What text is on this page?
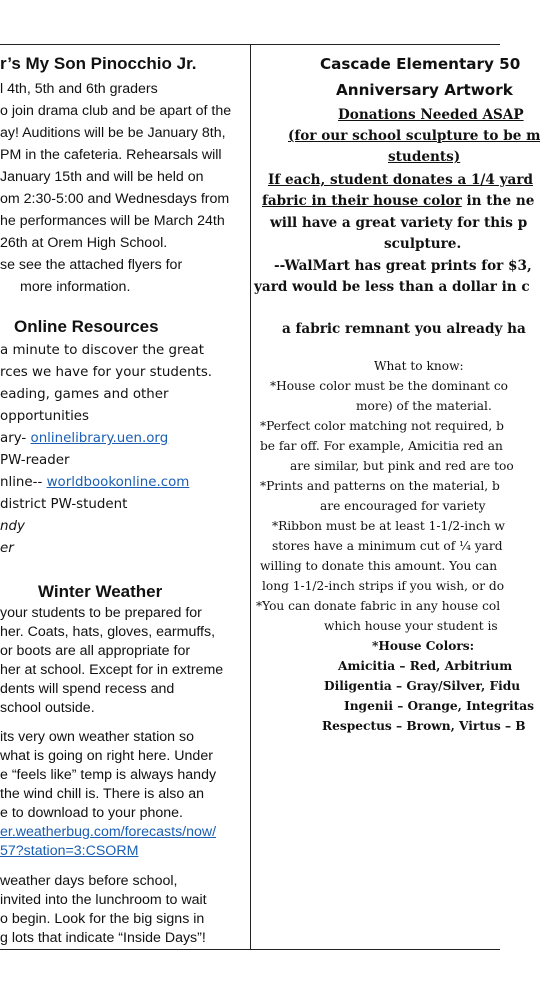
r’s My Son Pinocchio Jr.
l 4th, 5th and 6th graders
o join drama club and be apart of the
ay! Auditions will be be January 8th,
PM in the cafeteria. Rehearsals will
January 15th and will be held on
om 2:30-5:00 and Wednesdays from
he performances will be March 24th
26th at Orem High School.
se see the attached flyers for
more information.
Online Resources
a minute to discover the great
rces we have for your students.
eading, games and other
opportunities
ary- onlinelibrary.uen.org
PW-reader
nline-- worldbookonline.com
district PW-student
ndy
er
Winter Weather
your students to be prepared for
her. Coats, hats, gloves, earmuffs,
or boots are all appropriate for
her at school. Except for in extreme
dents will spend recess and
school outside.
its very own weather station so
what is going on right here. Under
e “feels like” temp is always handy
the wind chill is. There is also an
e to download to your phone.
er.weatherbug.com/forecasts/now/
57?station=3:CSORM
weather days before school,
invited into the lunchroom to wait
o begin. Look for the big signs in
g lots that indicate “Inside Days”!
Cascade Elementary 50
Anniversary Artwork
Donations Needed ASAP
(for our school sculpture to be m
students)
If each, student donates a 1/4 yard
fabric in their house color in the ne
will have a great variety for this p
sculpture.
--WalMart has great prints for $3,
yard would be less than a dollar in c
a fabric remnant you already ha
What to know:
*House color must be the dominant co
more) of the material.
*Perfect color matching not required, b
be far off. For example, Amicitia red an
are similar, but pink and red are too
*Prints and patterns on the material, b
are encouraged for variety
*Ribbon must be at least 1-1/2-inch w
stores have a minimum cut of ¼ yard
willing to donate this amount. You can
long 1-1/2-inch strips if you wish, or do
*You can donate fabric in any house col
which house your student is
*House Colors:
Amicitia – Red, Arbitrium
Diligentia – Gray/Silver, Fidu
Ingenii – Orange, Integritas
Respectus – Brown, Virtus – B
